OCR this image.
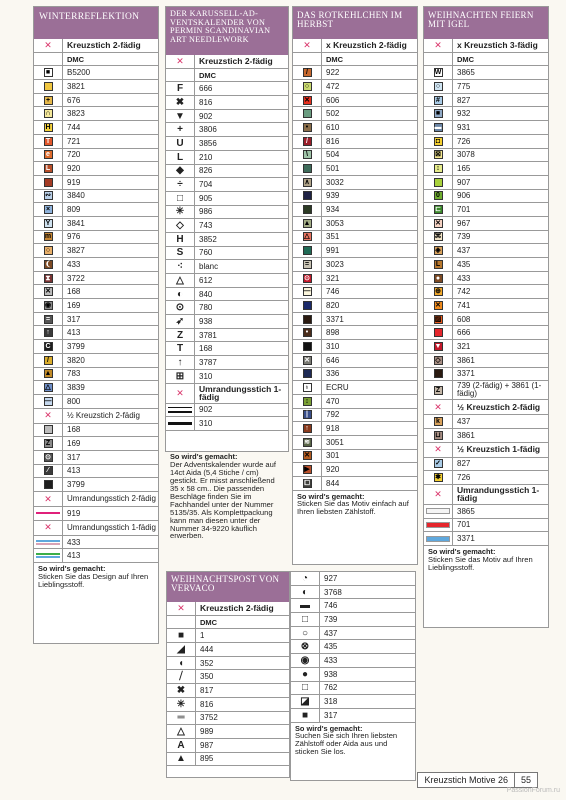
WINTERREFLEKTION
✕	Kreuzstich 2-fädig
DMC
■	B5200
3821
+	676
∩	3823
H	744
T	721
e	720
L	920
919
∾	3840
×	809
Y	3841
m	976
○	3827
❨	433
⧗	3722
✕	168
◉	169
=	317
↑	413
C	3799
/	3820
▲	783
△	3839
—	800
✕	½ Kreuzstich 2-fädig
168
Z	169
⊙	317
⁄	413
3799
✕	Umrandungsstich 2-fädig
919
✕	Umrandungsstich 1-fädig
433
413
So wird's gemacht:
Sticken Sie das Design auf Ihren Lieblingsstoff.
DER KARUSSELL-AD-
VENTSKALENDER VON
PERMIN SCANDINAVIAN
ART NEEDLEWORK
✕	Kreuzstich 2-fädig
DMC
F	666
✖	816
▼	902
+	3806
U	3856
L	210
◆	826
÷	704
□	905
✳	986
◇	743
H	3852
S	760
⁖	blanc
△	612
◐	840
⊙	780
➶	938
Z	3781
T	168
↑	3787
⊞	310
✕	Umrandungsstich 1-fädig
902
310
So wird's gemacht:
Der Adventskalender wurde auf 14ct Aida (5,4 Stiche / cm) gestickt. Er misst anschließend 35 x 58 cm.. Die passenden Beschläge finden Sie im Fachhandel unter der Nummer 5135/35. Als Komplettpackung kann man diesen unter der Nummer 34-9220 käuflich erwerben.
DAS ROTKEHLCHEN IM
HERBST
✕	x Kreuzstich 2-fädig
DMC
/	922
○	472
✕	606
502
•	610
/	816
\	504
501
∧	3032
939
934
▲	3053
△	351
991
=	3023
⊙	321
—	746
820
3371
•	898
310
✕	646
336
♁	ECRU
↕	470
|	792
↑	918
≋	3051
✕	301
▶	920
⧠	844
So wird's gemacht:
Sticken Sie das Motiv einfach auf Ihren liebsten Zählstoff.
WEIHNACHTEN FEIERN
MIT IGEL
✕	x Kreuzstich 3-fädig
DMC
W	3865
○	775
#	827
■	932
▬	931
◘	726
⊠	3078
↕	165
907
0	906
⊏	701
✕	967
⌘	739
◈	437
L	435
●	433
⊕	742
✕	741
▨	608
666
▼	321
◇	3861
3371
Z	739 (2-fädig) + 3861 (1-fädig)
✕	½ Kreuzstich 2-fädig
k	437
⊔	3861
✕	½ Kreuzstich 1-fädig
✓	827
✱	726
✕	Umrandungsstich 1-fädig
3865
701
3371
So wird's gemacht:
Sticken Sie das Motiv auf Ihren Lieblingsstoff.
WEIHNACHTSPOST VON
VERVACO
✕	Kreuzstich 2-fädig
DMC
■	1
◢	444
◖	352
⧸	350
✖	817
✳	816
═	3752
△	989
A	987
▲	895
◔	927
◐	3768
▬	746
□	739
○	437
⊗	435
◉	433
●	938
□	762
◪	318
■	317
So wird's gemacht:
Suchen Sie sich Ihren liebsten Zählstoff oder Aida aus und sticken Sie los.
Kreuzstich Motive 26	55
PassionForum.ru
